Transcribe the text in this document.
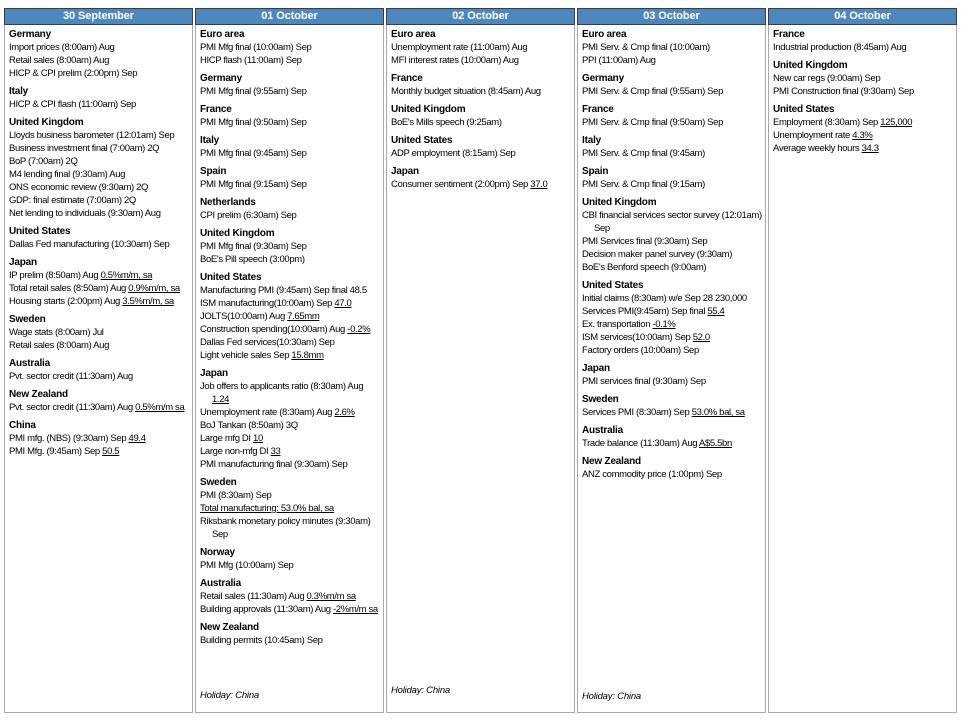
30 September
Germany
Import prices (8:00am) Aug
Retail sales (8:00am) Aug
HICP & CPI prelim (2:00pm) Sep
Italy
HICP & CPI flash (11:00am) Sep
United Kingdom
Lloyds business barometer (12:01am) Sep
Business investment final (7:00am) 2Q
BoP (7:00am) 2Q
M4 lending final (9:30am) Aug
ONS economic review (9:30am) 2Q
GDP: final estimate (7:00am) 2Q
Net lending to individuals (9:30am) Aug
United States
Dallas Fed manufacturing (10:30am) Sep
Japan
IP prelim (8:50am) Aug 0.5%m/m, sa
Total retail sales (8:50am) Aug 0.9%m/m, sa
Housing starts (2:00pm) Aug 3.5%m/m, sa
Sweden
Wage stats (8:00am) Jul
Retail sales (8:00am) Aug
Australia
Pvt. sector credit (11:30am) Aug
New Zealand
Pvt. sector credit (11:30am) Aug 0.5%m/m sa
China
PMI mfg. (NBS) (9:30am) Sep 49.4
PMI Mfg. (9:45am) Sep 50.5
01 October
Euro area
PMI Mfg final (10:00am) Sep
HICP flash (11:00am) Sep
Germany
PMI Mfg final (9:55am) Sep
France
PMI Mfg final (9:50am) Sep
Italy
PMI Mfg final (9:45am) Sep
Spain
PMI Mfg final (9:15am) Sep
Netherlands
CPI prelim (6:30am) Sep
United Kingdom
PMI Mfg final (9:30am) Sep
BoE's Pill speech (3:00pm)
United States
Manufacturing PMI (9:45am) Sep final 48.5
ISM manufacturing(10:00am) Sep 47.0
JOLTS(10:00am) Aug 7.65mm
Construction spending(10:00am) Aug -0.2%
Dallas Fed services(10:30am) Sep
Light vehicle sales Sep 15.8mm
Japan
Job offers to applicants ratio (8:30am) Aug 1.24
Unemployment rate (8:30am) Aug 2.6%
BoJ Tankan (8:50am) 3Q
Large mfg DI 10
Large non-mfg DI 33
PMI manufacturing final (9:30am) Sep
Sweden
PMI (8:30am) Sep
Total manufacturing: 53.0% bal, sa
Riksbank monetary policy minutes (9:30am) Sep
Norway
PMI Mfg (10:00am) Sep
Australia
Retail sales (11:30am) Aug 0.3%m/m sa
Building approvals (11:30am) Aug -2%m/m sa
New Zealand
Building permits (10:45am) Sep
Holiday: China
02 October
Euro area
Unemployment rate (11:00am) Aug
MFI interest rates (10:00am) Aug
France
Monthly budget situation (8:45am) Aug
United Kingdom
BoE's Mills speech (9:25am)
United States
ADP employment (8:15am) Sep
Japan
Consumer sentiment (2:00pm) Sep 37.0
Holiday: China
03 October
Euro area
PMI Serv. & Cmp final (10:00am)
PPI (11:00am) Aug
Germany
PMI Serv. & Cmp final (9:55am) Sep
France
PMI Serv. & Cmp final (9:50am) Sep
Italy
PMI Serv. & Cmp final (9:45am)
Spain
PMI Serv. & Cmp final (9:15am)
United Kingdom
CBI financial services sector survey (12:01am) Sep
PMI Services final (9:30am) Sep
Decision maker panel survey (9:30am)
BoE's Benford speech (9:00am)
United States
Initial claims (8:30am) w/e Sep 28 230,000
Services PMI(9:45am) Sep final 55.4
Ex. transportation -0.1%
ISM services(10:00am) Sep 52.0
Factory orders (10:00am) Sep
Japan
PMI services final (9:30am) Sep
Sweden
Services PMI (8:30am) Sep 53.0% bal, sa
Australia
Trade balance (11:30am) Aug A$5.5bn
New Zealand
ANZ commodity price (1:00pm) Sep
Holiday: China
04 October
France
Industrial production (8:45am) Aug
United Kingdom
New car regs (9:00am) Sep
PMI Construction final (9:30am) Sep
United States
Employment (8:30am) Sep 125,000
Unemployment rate 4.3%
Average weekly hours 34.3
